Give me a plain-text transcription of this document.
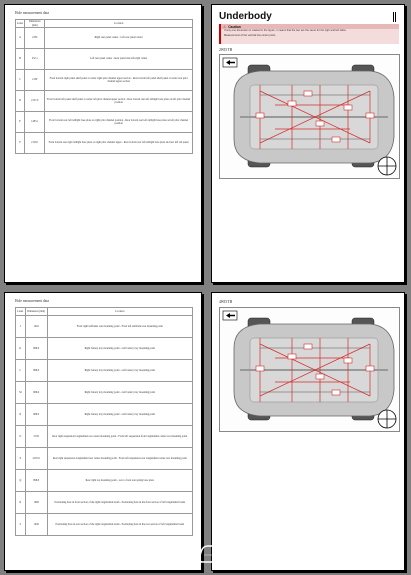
Hole measurement data
Letter	Dimension (mm)	Location
A	2350	Right rear panel center - Left rear panel center
B	252.1	Left rear panel center - Rear panel side left-right center
C	2139	Front bottom right panel shelf panel at center right pilot channel upper section - Rear bottom left panel shelf panel at center rear pilot channel upper section
D	2137.0	Front bottom left panel shelf panel at center left pilot channel upper section - Rear bottom rear left taillight base plate on left pilot channel position
E	1485.1	Front bottom rear left taillight base plate on right pilot channel position - Rear bottom rear left taillight base plate on left pilot channel position
F	2128.1	Front bottom rear right taillight base plate on right pilot channel upper - Rear bottom rear left taillight base plate and rear left rail panel
Underbody
⚠ Caution
If only one dimension is marked in the figure, it means that the two are the same for the right and left sides.
Measurement of the vertical line center point.
2WD TB
Hole measurement data
Letter	Dimension (mm)	Location
J	1042	Front right subframe rear mounting point - Front left subframe rear mounting point
K	986.6	Right battery tray mounting point - Left battery tray mounting point
L	986.6	Right battery tray mounting point - Left battery tray mounting point
M	986.6	Right battery tray mounting point - Left battery tray mounting point
N	986.6	Right battery tray mounting point - Left battery tray mounting point
O	2139	Rear right suspension longitudinal rear center mounting point - Front left suspension front longitudinal center rear mounting point
P	2195.9	Rear right suspension longitudinal rear center mounting point - Front left suspension rear longitudinal center rear mounting point
Q	898.8	Rear right top mounting point - rear to front rear spring base plate
R	1068	Positioning hole in front section of the right longitudinal beam - Positioning hole in the front section of left longitudinal beam
S	1046	Positioning hole in rear section of the right longitudinal beam - Positioning hole in the rear section of left longitudinal beam
4WD TB
